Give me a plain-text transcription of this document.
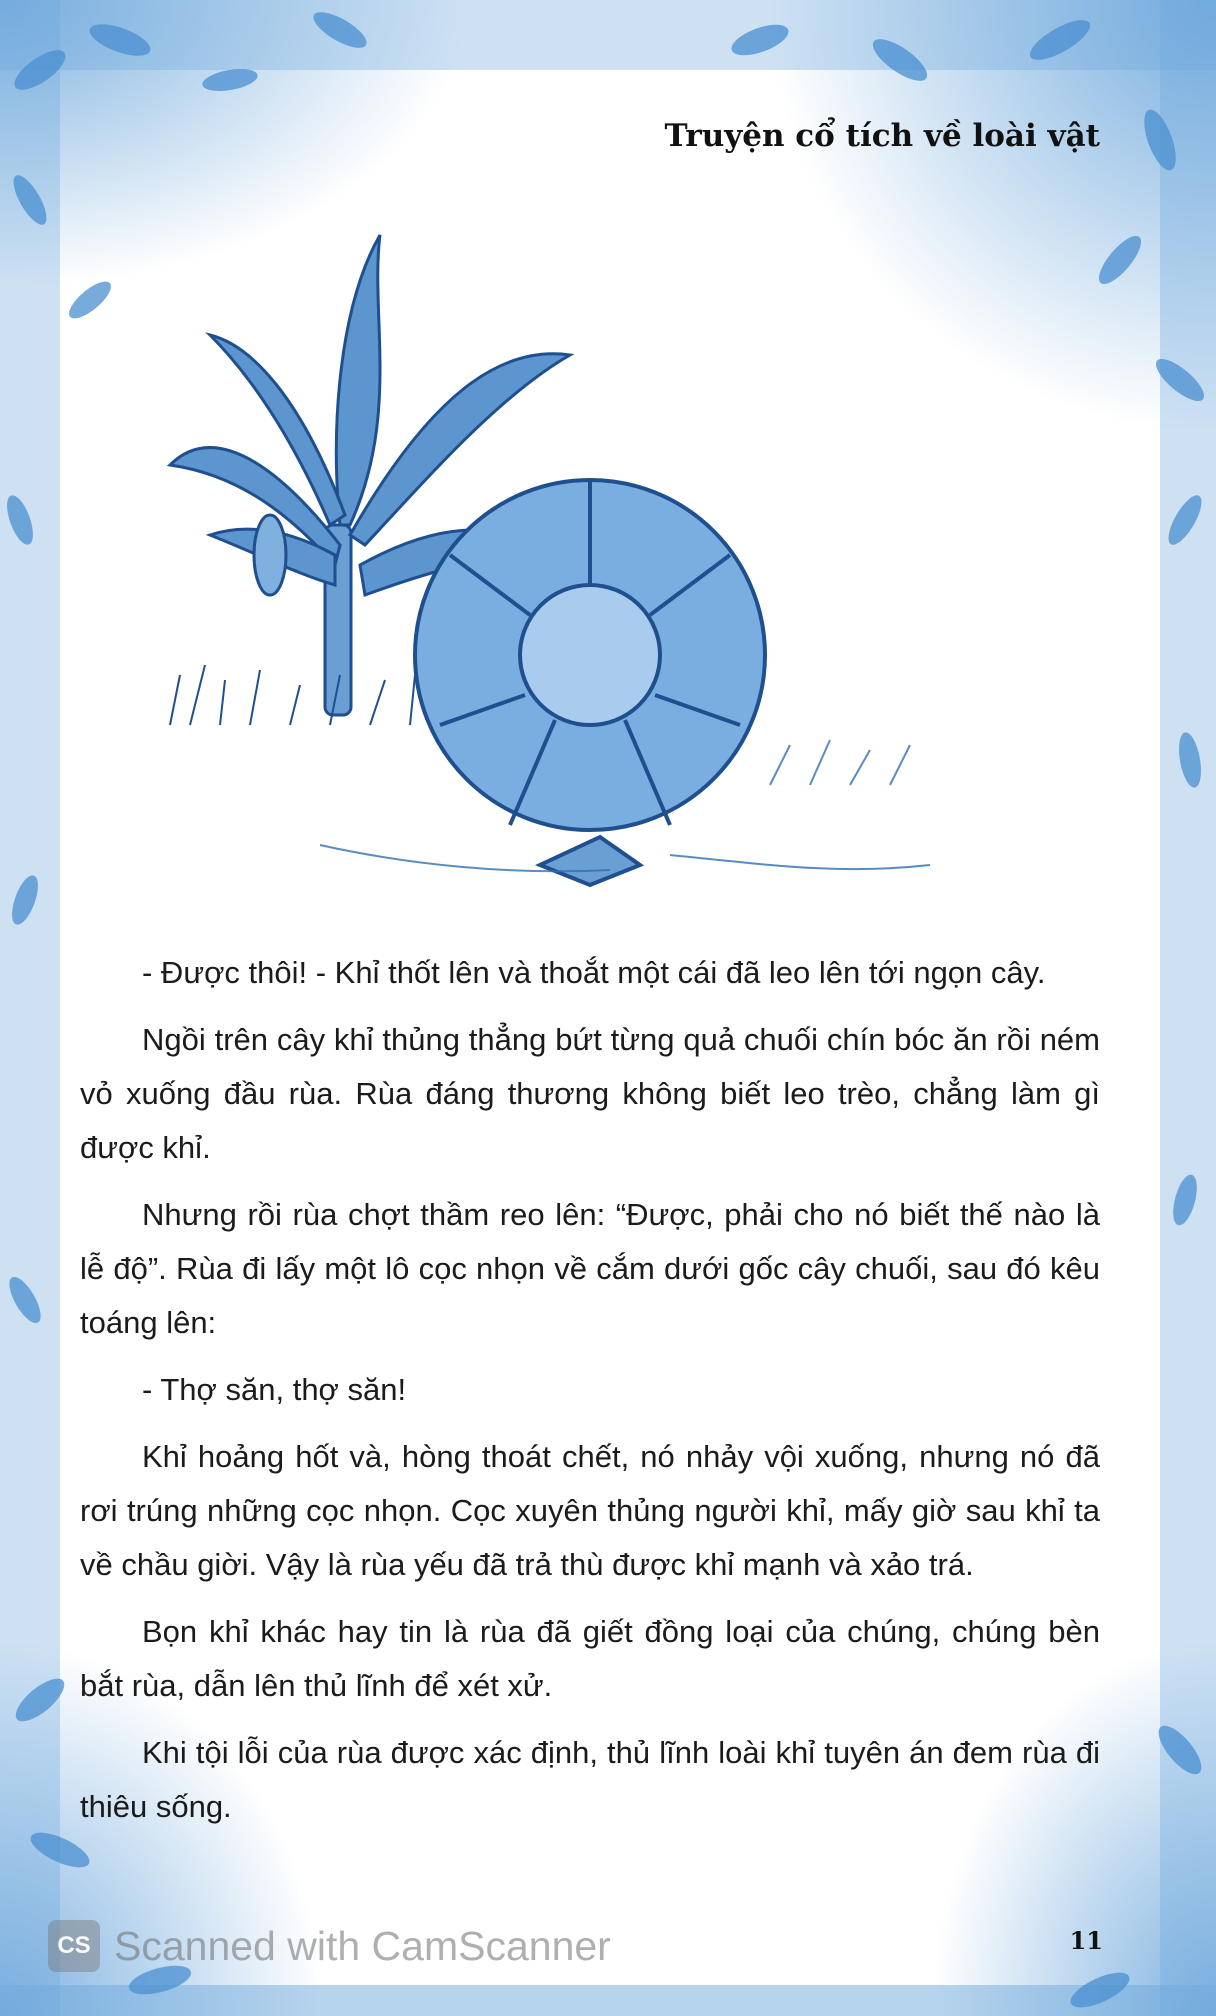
Truyện cổ tích về loài vật

- Được thôi! - Khỉ thốt lên và thoắt một cái đã leo lên tới ngọn cây.

Ngồi trên cây khỉ thủng thẳng bứt từng quả chuối chín bóc ăn rồi ném vỏ xuống đầu rùa. Rùa đáng thương không biết leo trèo, chẳng làm gì được khỉ.

Nhưng rồi rùa chợt thầm reo lên: “Được, phải cho nó biết thế nào là lễ độ”. Rùa đi lấy một lô cọc nhọn về cắm dưới gốc cây chuối, sau đó kêu toáng lên:

- Thợ săn, thợ săn!

Khỉ hoảng hốt và, hòng thoát chết, nó nhảy vội xuống, nhưng nó đã rơi trúng những cọc nhọn. Cọc xuyên thủng người khỉ, mấy giờ sau khỉ ta về chầu giời. Vậy là rùa yếu đã trả thù được khỉ mạnh và xảo trá.

Bọn khỉ khác hay tin là rùa đã giết đồng loại của chúng, chúng bèn bắt rùa, dẫn lên thủ lĩnh để xét xử.

Khi tội lỗi của rùa được xác định, thủ lĩnh loài khỉ tuyên án đem rùa đi thiêu sống.

CS Scanned with CamScanner	11
